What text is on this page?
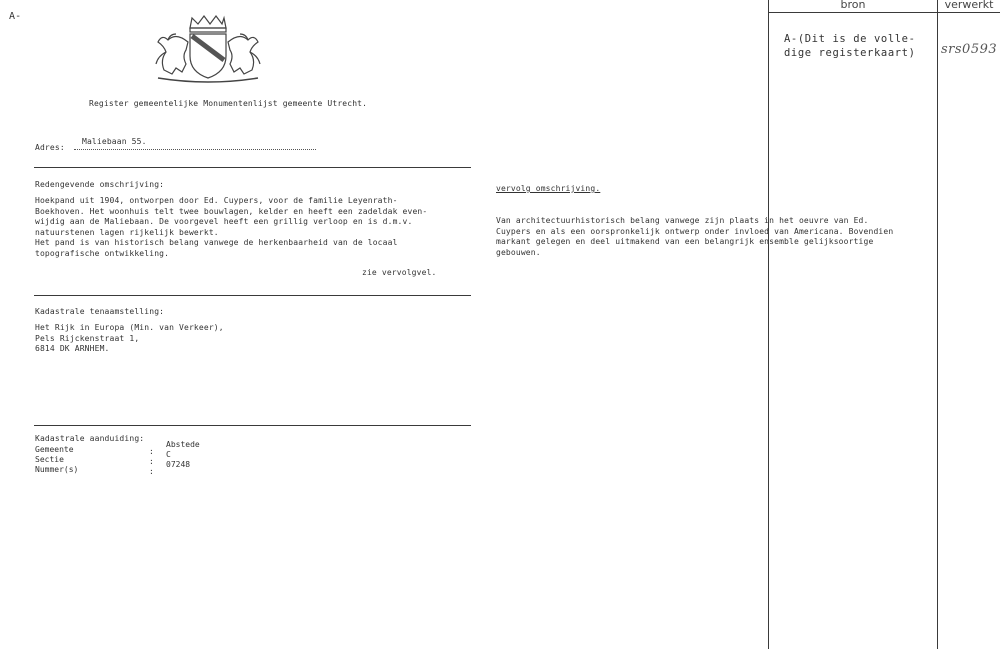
A-
bron	verwerkt
A-(Dit is de volle-
dige registerkaart) srs0593
Register gemeentelijke Monumentenlijst gemeente Utrecht.
Adres:
Maliebaan 55.
Redengevende omschrijving:
Hoekpand uit 1904, ontworpen door Ed. Cuypers, voor de familie Leyenrath-
Boekhoven. Het woonhuis telt twee bouwlagen, kelder en heeft een zadeldak even-
wijdig aan de Maliebaan. De voorgevel heeft een grillig verloop en is d.m.v.
natuurstenen lagen rijkelijk bewerkt.
Het pand is van historisch belang vanwege de herkenbaarheid van de locaal
topografische ontwikkeling.
zie vervolgvel.
Kadastrale tenaamstelling:
Het Rijk in Europa (Min. van Verkeer),
Pels Rijckenstraat 1,
6814 DK ARNHEM.
Kadastrale aanduiding:
Gemeente
Sectie
Nummer(s)
:
:
:
Abstede
C
07248
vervolg omschrijving.
Van architectuurhistorisch belang vanwege zijn plaats in het oeuvre van Ed.
Cuypers en als een oorspronkelijk ontwerp onder invloed van Americana. Bovendien
markant gelegen en deel uitmakend van een belangrijk ensemble gelijksoortige
gebouwen.
